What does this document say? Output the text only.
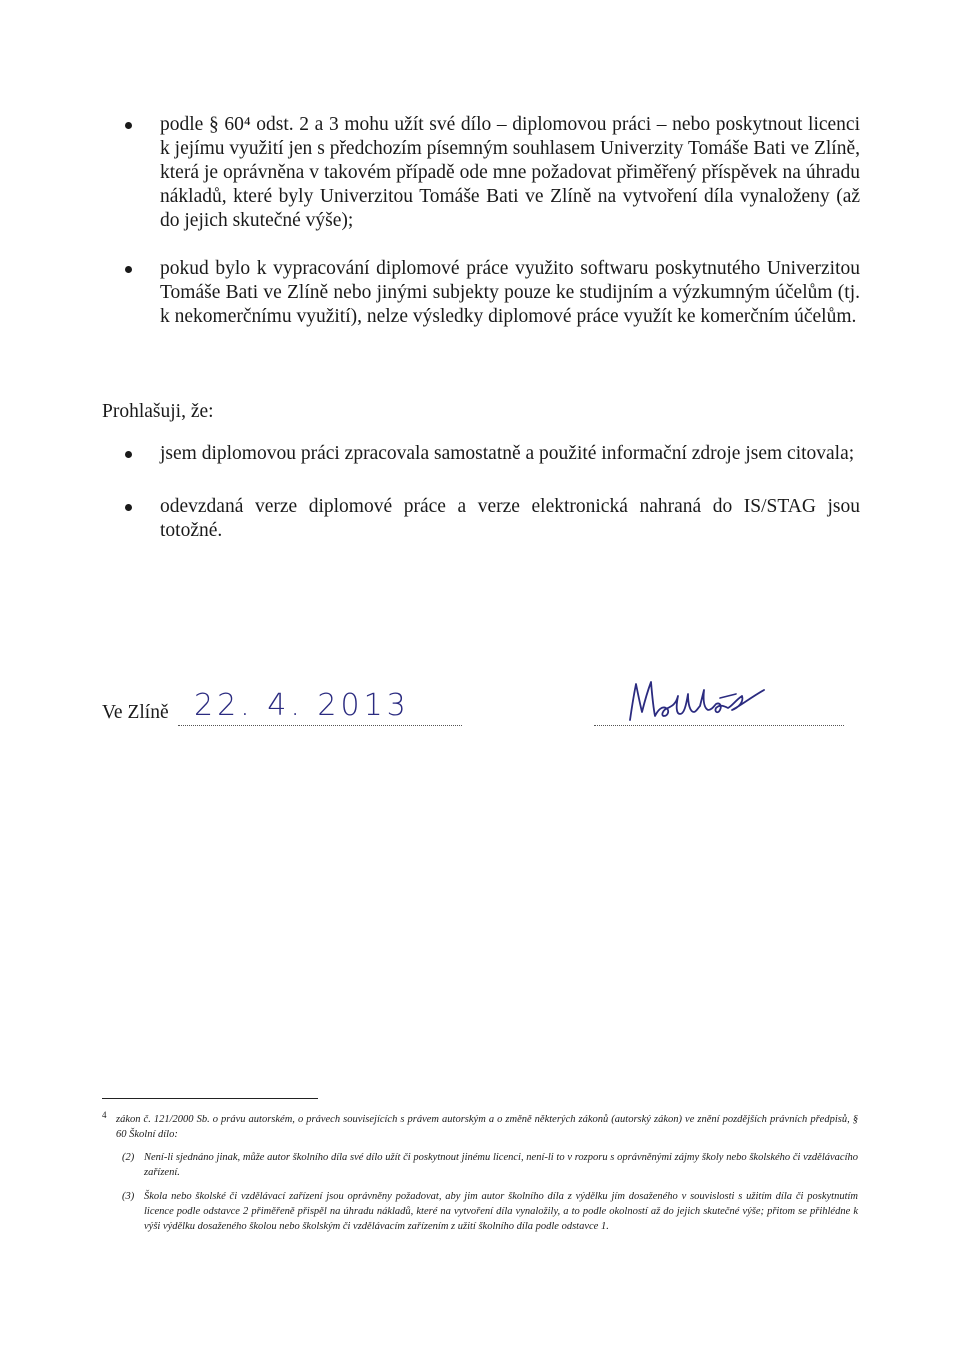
podle § 60⁴ odst. 2 a 3 mohu užít své dílo – diplomovou práci – nebo poskytnout licenci k jejímu využití jen s předchozím písemným souhlasem Univerzity Tomáše Bati ve Zlíně, která je oprávněna v takovém případě ode mne požadovat přiměřený příspěvek na úhradu nákladů, které byly Univerzitou Tomáše Bati ve Zlíně na vytvoření díla vynaloženy (až do jejich skutečné výše);
pokud bylo k vypracování diplomové práce využito softwaru poskytnutého Univerzitou Tomáše Bati ve Zlíně nebo jinými subjekty pouze ke studijním a výzkumným účelům (tj. k nekomerčnímu využití), nelze výsledky diplomové práce využít ke komerčním účelům.
Prohlašuji, že:
jsem diplomovou práci zpracovala samostatně a použité informační zdroje jsem citovala;
odevzdaná verze diplomové práce a verze elektronická nahraná do IS/STAG jsou totožné.
Ve Zlíně 22. 4. 2013

4 zákon č. 121/2000 Sb. o právu autorském, o právech souvisejících s právem autorským a o změně některých zákonů (autorský zákon) ve znění pozdějších právních předpisů, § 60 Školní dílo:

(2) Není-li sjednáno jinak, může autor školního díla své dílo užít či poskytnout jinému licenci, není-li to v rozporu s oprávněnými zájmy školy nebo školského či vzdělávacího zařízení.

(3) Škola nebo školské či vzdělávací zařízení jsou oprávněny požadovat, aby jim autor školního díla z výdělku jím dosaženého v souvislosti s užitím díla či poskytnutím licence podle odstavce 2 přiměřeně přispěl na úhradu nákladů, které na vytvoření díla vynaložily, a to podle okolností až do jejich skutečné výše; přitom se přihlédne k výši výdělku dosaženého školou nebo školským či vzdělávacím zařízením z užití školního díla podle odstavce 1.
